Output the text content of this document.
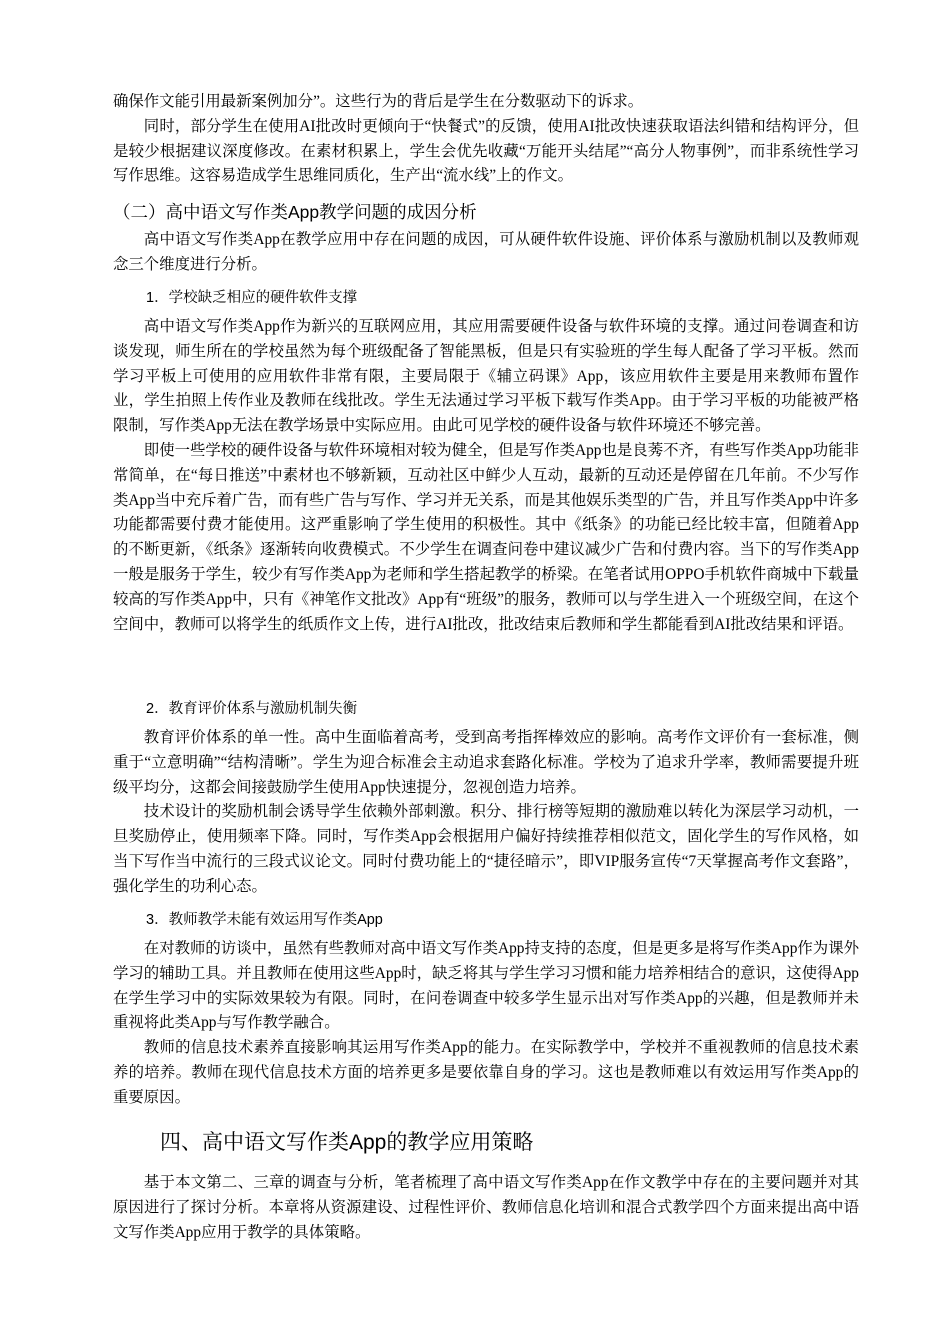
确保作文能引用最新案例加分”。这些行为的背后是学生在分数驱动下的诉求。

同时，部分学生在使用AI批改时更倾向于“快餐式”的反馈，使用AI批改快速获取语法纠错和结构评分，但是较少根据建议深度修改。在素材积累上，学生会优先收藏“万能开头结尾”“高分人物事例”，而非系统性学习写作思维。这容易造成学生思维同质化，生产出“流水线”上的作文。

（二）高中语文写作类App教学问题的成因分析

高中语文写作类App在教学应用中存在问题的成因，可从硬件软件设施、评价体系与激励机制以及教师观念三个维度进行分析。

1．学校缺乏相应的硬件软件支撑

高中语文写作类App作为新兴的互联网应用，其应用需要硬件设备与软件环境的支撑。通过问卷调查和访谈发现，师生所在的学校虽然为每个班级配备了智能黑板，但是只有实验班的学生每人配备了学习平板。然而学习平板上可使用的应用软件非常有限，主要局限于《辅立码课》App，该应用软件主要是用来教师布置作业，学生拍照上传作业及教师在线批改。学生无法通过学习平板下载写作类App。由于学习平板的功能被严格限制，写作类App无法在教学场景中实际应用。由此可见学校的硬件设备与软件环境还不够完善。

即使一些学校的硬件设备与软件环境相对较为健全，但是写作类App也是良莠不齐，有些写作类App功能非常简单，在“每日推送”中素材也不够新颖，互动社区中鲜少人互动，最新的互动还是停留在几年前。不少写作类App当中充斥着广告，而有些广告与写作、学习并无关系，而是其他娱乐类型的广告，并且写作类App中许多功能都需要付费才能使用。这严重影响了学生使用的积极性。其中《纸条》的功能已经比较丰富，但随着App的不断更新，《纸条》逐渐转向收费模式。不少学生在调查问卷中建议减少广告和付费内容。当下的写作类App一般是服务于学生，较少有写作类App为老师和学生搭起教学的桥梁。在笔者试用OPPO手机软件商城中下载量较高的写作类App中，只有《神笔作文批改》App有“班级”的服务，教师可以与学生进入一个班级空间，在这个空间中，教师可以将学生的纸质作文上传，进行AI批改，批改结束后教师和学生都能看到AI批改结果和评语。

2．教育评价体系与激励机制失衡

教育评价体系的单一性。高中生面临着高考，受到高考指挥棒效应的影响。高考作文评价有一套标准，侧重于“立意明确”“结构清晰”。学生为迎合标准会主动追求套路化标准。学校为了追求升学率，教师需要提升班级平均分，这都会间接鼓励学生使用App快速提分，忽视创造力培养。

技术设计的奖励机制会诱导学生依赖外部刺激。积分、排行榜等短期的激励难以转化为深层学习动机，一旦奖励停止，使用频率下降。同时，写作类App会根据用户偏好持续推荐相似范文，固化学生的写作风格，如当下写作当中流行的三段式议论文。同时付费功能上的“捷径暗示”，即VIP服务宣传“7天掌握高考作文套路”，强化学生的功利心态。

3．教师教学未能有效运用写作类App

在对教师的访谈中，虽然有些教师对高中语文写作类App持支持的态度，但是更多是将写作类App作为课外学习的辅助工具。并且教师在使用这些App时，缺乏将其与学生学习习惯和能力培养相结合的意识，这使得App在学生学习中的实际效果较为有限。同时，在问卷调查中较多学生显示出对写作类App的兴趣，但是教师并未重视将此类App与写作教学融合。

教师的信息技术素养直接影响其运用写作类App的能力。在实际教学中，学校并不重视教师的信息技术素养的培养。教师在现代信息技术方面的培养更多是要依靠自身的学习。这也是教师难以有效运用写作类App的重要原因。

四、高中语文写作类App的教学应用策略

基于本文第二、三章的调查与分析，笔者梳理了高中语文写作类App在作文教学中存在的主要问题并对其原因进行了探讨分析。本章将从资源建设、过程性评价、教师信息化培训和混合式教学四个方面来提出高中语文写作类App应用于教学的具体策略。
